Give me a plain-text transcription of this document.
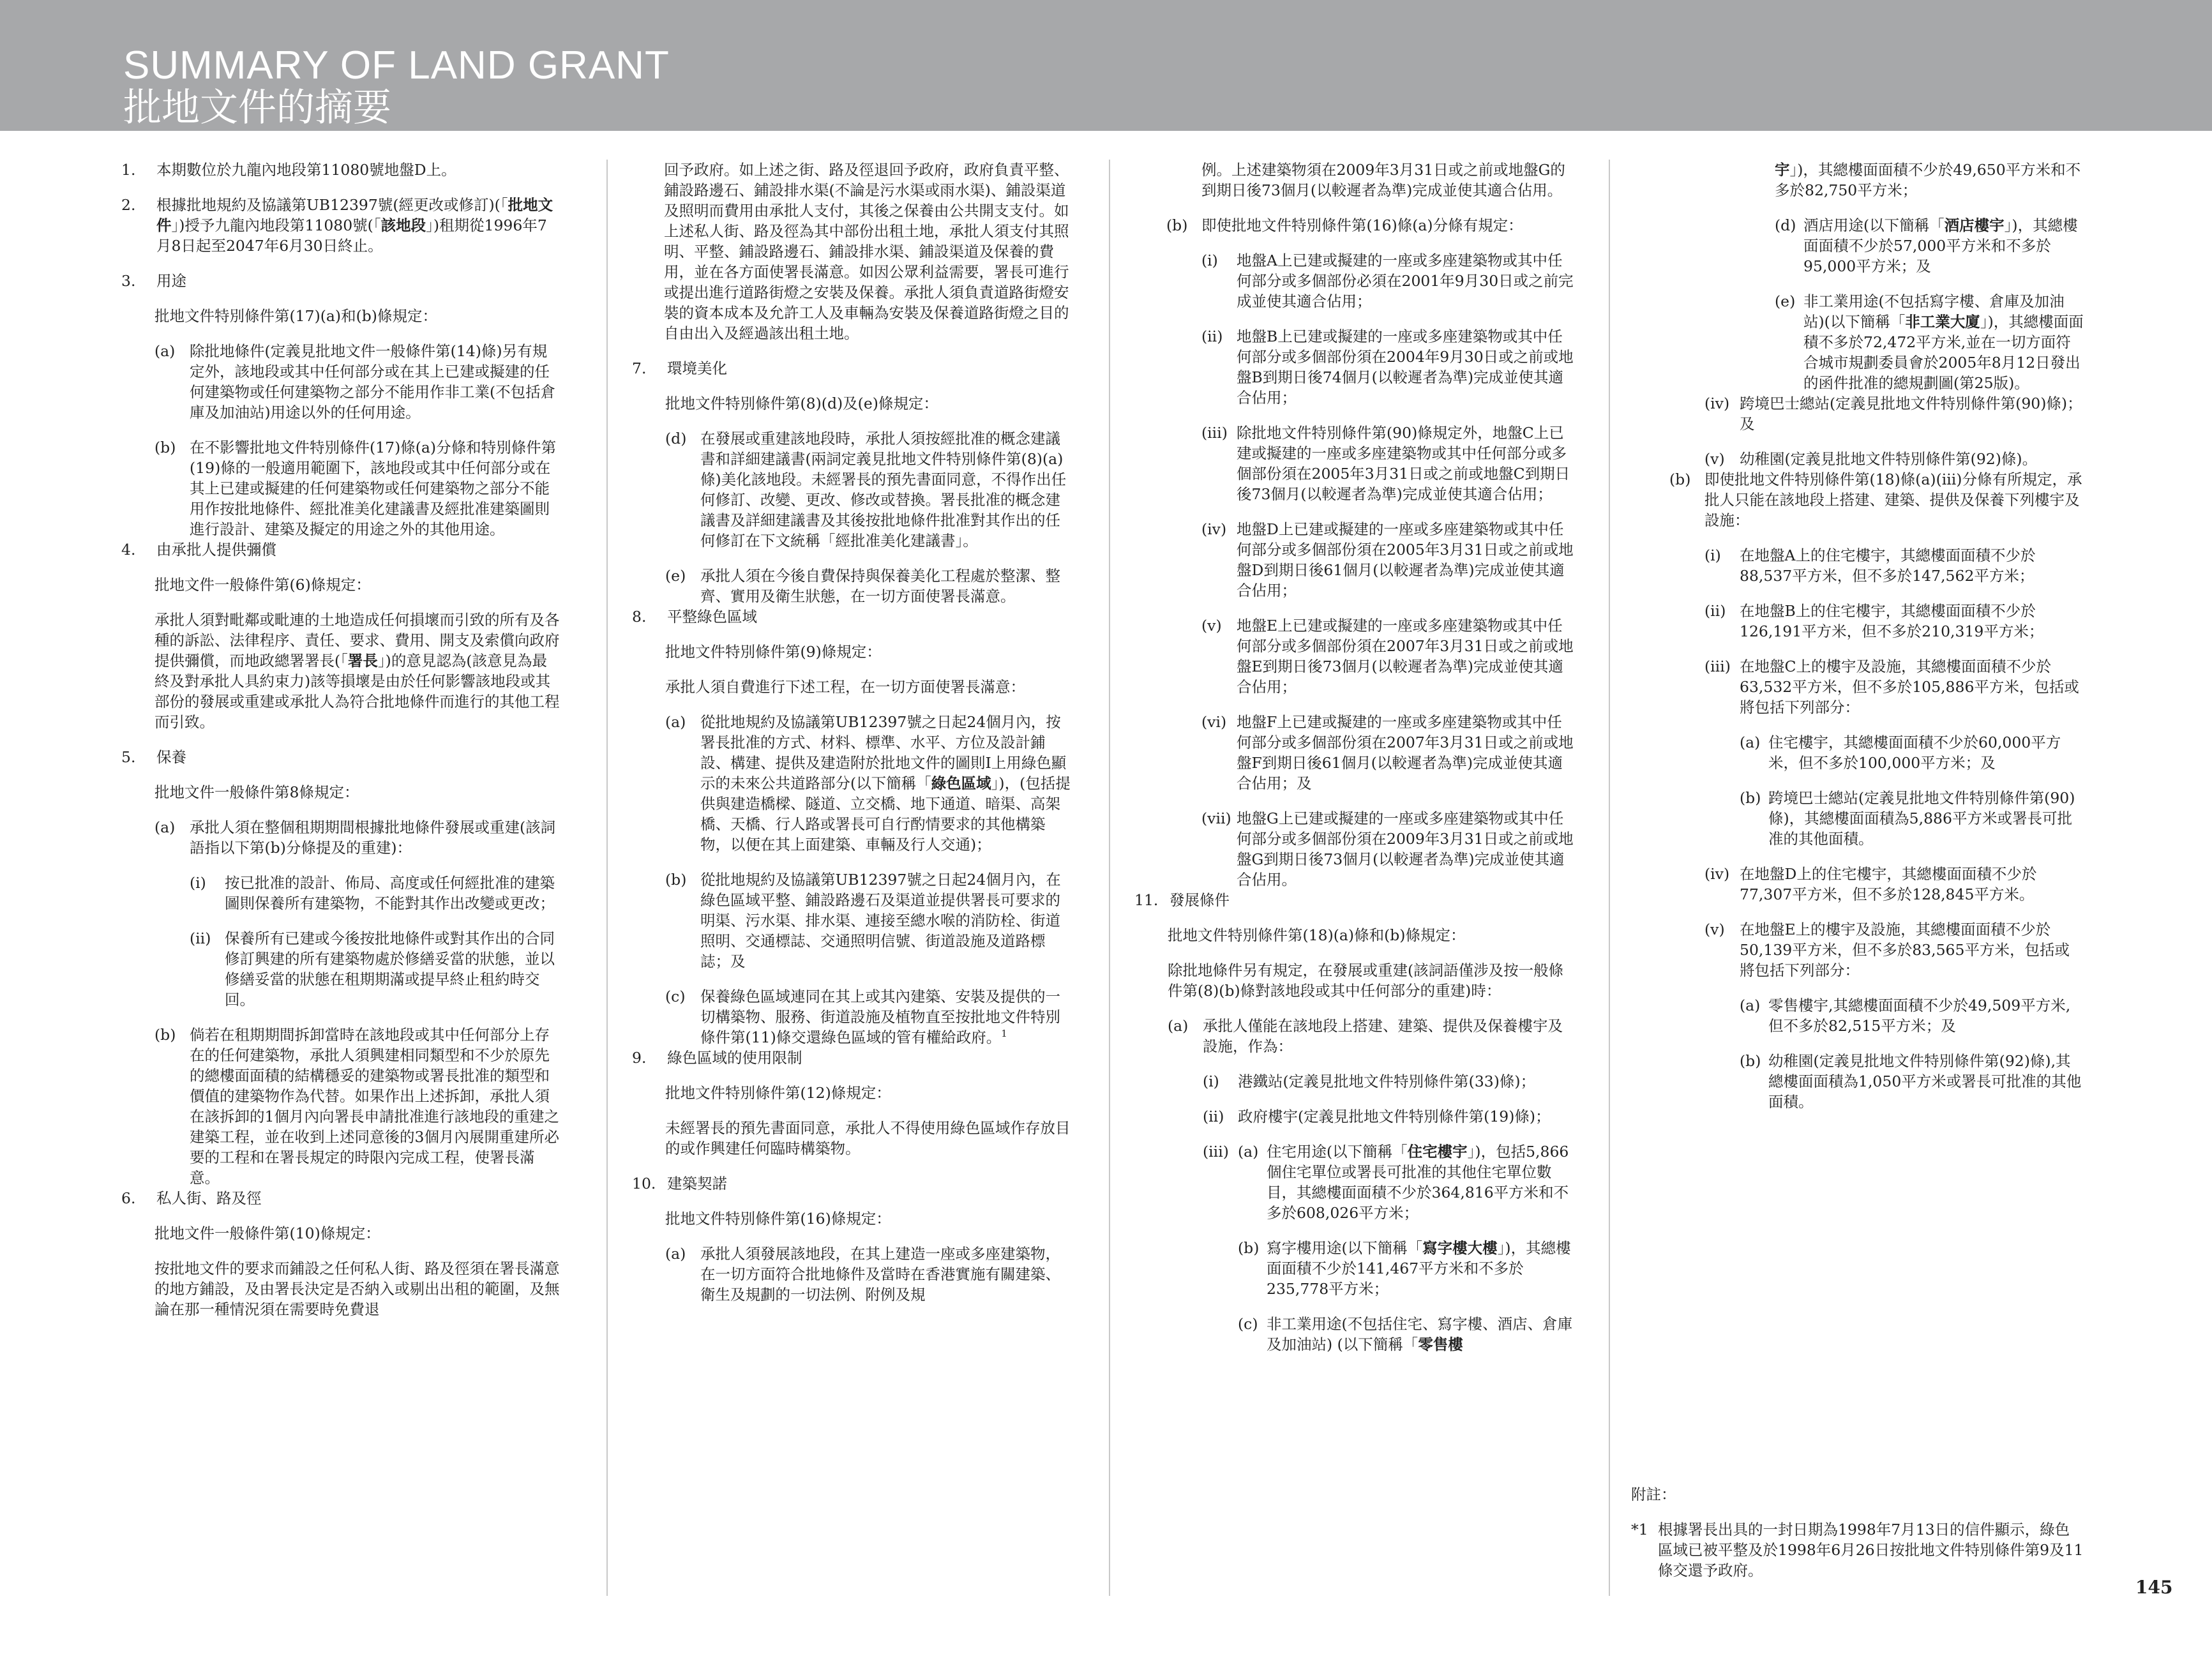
SUMMARY OF LAND GRANT
批地文件的摘要
1.	本期數位於九龍內地段第11080號地盤D上。
2.	根據批地規約及協議第UB12397號(經更改或修訂)(「批地文件」)授予九龍內地段第11080號(「該地段」)租期從1996年7月8日起至2047年6月30日終止。
3.	用途
批地文件特別條件第(17)(a)和(b)條規定：
(a) 除批地條件(定義見批地文件一般條件第(14)條)另有規定外，該地段或其中任何部分或在其上已建或擬建的任何建築物或任何建築物之部分不能用作非工業(不包括倉庫及加油站)用途以外的任何用途。
(b) 在不影響批地文件特別條件(17)條(a)分條和特別條件第(19)條的一般適用範圍下，該地段或其中任何部分或在其上已建或擬建的任何建築物或任何建築物之部分不能用作按批地條件、經批准美化建議書及經批准建築圖則進行設計、建築及擬定的用途之外的其他用途。
4.	由承批人提供彌償
批地文件一般條件第(6)條規定：
承批人須對毗鄰或毗連的土地造成任何損壞而引致的所有及各種的訴訟、法律程序、責任、要求、費用、開支及索償向政府提供彌償，而地政總署署長(「署長」)的意見認為(該意見為最終及對承批人具約束力)該等損壞是由於任何影響該地段或其部份的發展或重建或承批人為符合批地條件而進行的其他工程而引致。
5.	保養
批地文件一般條件第8條規定：
(a) 承批人須在整個租期期間根據批地條件發展或重建(該詞語指以下第(b)分條提及的重建)：
(i)	按已批准的設計、佈局、高度或任何經批准的建築圖則保養所有建築物，不能對其作出改變或更改；
(ii) 保養所有已建或今後按批地條件或對其作出的合同修訂興建的所有建築物處於修繕妥當的狀態，並以修繕妥當的狀態在租期期滿或提早終止租約時交回。
(b) 倘若在租期期間拆卸當時在該地段或其中任何部分上存在的任何建築物，承批人須興建相同類型和不少於原先的總樓面面積的結構穩妥的建築物或署長批准的類型和價值的建築物作為代替。如果作出上述拆卸，承批人須在該拆卸的1個月內向署長申請批准進行該地段的重建之建築工程，並在收到上述同意後的3個月內展開重建所必要的工程和在署長規定的時限內完成工程，使署長滿意。
6.	私人街、路及徑
批地文件一般條件第(10)條規定：
按批地文件的要求而鋪設之任何私人街、路及徑須在署長滿意的地方鋪設，及由署長決定是否納入或剔出出租的範圍，及無論在那一種情況須在需要時免費退
回予政府。如上述之街、路及徑退回予政府，政府負責平整、鋪設路邊石、鋪設排水渠(不論是污水渠或雨水渠)、鋪設渠道及照明而費用由承批人支付，其後之保養由公共開支支付。如上述私人街、路及徑為其中部份出租土地，承批人須支付其照明、平整、鋪設路邊石、鋪設排水渠、鋪設渠道及保養的費用，並在各方面使署長滿意。如因公眾利益需要，署長可進行或提出進行道路街燈之安裝及保養。承批人須負責道路街燈安裝的資本成本及允許工人及車輛為安裝及保養道路街燈之目的自由出入及經過該出租土地。
7.	環境美化
批地文件特別條件第(8)(d)及(e)條規定：
(d) 在發展或重建該地段時，承批人須按經批准的概念建議書和詳細建議書(兩詞定義見批地文件特別條件第(8)(a)條)美化該地段。未經署長的預先書面同意，不得作出任何修訂、改變、更改、修改或替換。署長批准的概念建議書及詳細建議書及其後按批地條件批准對其作出的任何修訂在下文統稱「經批准美化建議書」。
(e) 承批人須在今後自費保持與保養美化工程處於整潔、整齊、實用及衛生狀態，在一切方面使署長滿意。
8.	平整綠色區域
批地文件特別條件第(9)條規定：
承批人須自費進行下述工程，在一切方面使署長滿意：
(a) 從批地規約及協議第UB12397號之日起24個月內，按署長批准的方式、材料、標準、水平、方位及設計鋪設、構建、提供及建造附於批地文件的圖則I上用綠色顯示的未來公共道路部分(以下簡稱「綠色區域」)，(包括提供與建造橋樑、隧道、立交橋、地下通道、暗渠、高架橋、天橋、行人路或署長可自行酌情要求的其他構築物，以便在其上面建築、車輛及行人交通)；
(b) 從批地規約及協議第UB12397號之日起24個月內，在綠色區域平整、鋪設路邊石及渠道並提供署長可要求的明渠、污水渠、排水渠、連接至總水喉的消防栓、街道照明、交通標誌、交通照明信號、街道設施及道路標誌；及
(c)	保養綠色區域連同在其上或其內建築、安裝及提供的一切構築物、服務、街道設施及植物直至按批地文件特別條件第(11)條交還綠色區域的管有權給政府。$^1$
9.	綠色區域的使用限制
批地文件特別條件第(12)條規定：
未經署長的預先書面同意，承批人不得使用綠色區域作存放目的或作興建任何臨時構築物。
10. 建築契諾
批地文件特別條件第(16)條規定：
(a) 承批人須發展該地段，在其上建造一座或多座建築物，在一切方面符合批地條件及當時在香港實施有關建築、衛生及規劃的一切法例、附例及規
例。上述建築物須在2009年3月31日或之前或地盤G的到期日後73個月(以較遲者為準)完成並使其適合佔用。
(b) 即使批地文件特別條件第(16)條(a)分條有規定：
(i)	地盤A上已建或擬建的一座或多座建築物或其中任何部分或多個部份必須在2001年9月30日或之前完成並使其適合佔用；
(ii) 地盤B上已建或擬建的一座或多座建築物或其中任何部分或多個部份須在2004年9月30日或之前或地盤B到期日後74個月(以較遲者為準)完成並使其適合佔用；
(iii) 除批地文件特別條件第(90)條規定外，地盤C上已建或擬建的一座或多座建築物或其中任何部分或多個部份須在2005年3月31日或之前或地盤C到期日後73個月(以較遲者為準)完成並使其適合佔用；
(iv) 地盤D上已建或擬建的一座或多座建築物或其中任何部分或多個部份須在2005年3月31日或之前或地盤D到期日後61個月(以較遲者為準)完成並使其適合佔用；
(v) 地盤E上已建或擬建的一座或多座建築物或其中任何部分或多個部份須在2007年3月31日或之前或地盤E到期日後73個月(以較遲者為準)完成並使其適合佔用；
(vi) 地盤F上已建或擬建的一座或多座建築物或其中任何部分或多個部份須在2007年3月31日或之前或地盤F到期日後61個月(以較遲者為準)完成並使其適合佔用；及
(vii) 地盤G上已建或擬建的一座或多座建築物或其中任何部分或多個部份須在2009年3月31日或之前或地盤G到期日後73個月(以較遲者為準)完成並使其適合佔用。
11. 發展條件
批地文件特別條件第(18)(a)條和(b)條規定：
除批地條件另有規定，在發展或重建(該詞語僅涉及按一般條件第(8)(b)條對該地段或其中任何部分的重建)時：
(a) 承批人僅能在該地段上搭建、建築、提供及保養樓宇及設施，作為：
(i)	港鐵站(定義見批地文件特別條件第(33)條)；
(ii) 政府樓宇(定義見批地文件特別條件第(19)條)；
(iii) (a) 住宅用途(以下簡稱「住宅樓宇」)，包括5,866個住宅單位或署長可批准的其他住宅單位數目，其總樓面面積不少於364,816平方米和不多於608,026平方米；
(b) 寫字樓用途(以下簡稱「寫字樓大樓」)，其總樓面面積不少於141,467平方米和不多於235,778平方米；
(c) 非工業用途(不包括住宅、寫字樓、酒店、倉庫及加油站) (以下簡稱「零售樓
宇」)，其總樓面面積不少於49,650平方米和不多於82,750平方米；
(d) 酒店用途(以下簡稱「酒店樓宇」)，其總樓面面積不少於57,000平方米和不多於95,000平方米；及
(e) 非工業用途(不包括寫字樓、倉庫及加油站)(以下簡稱「非工業大廈」)，其總樓面面積不多於72,472平方米,並在一切方面符合城市規劃委員會於2005年8月12日發出的函件批准的總規劃圖(第25版)。
(iv) 跨境巴士總站(定義見批地文件特別條件第(90)條)；及
(v) 幼稚園(定義見批地文件特別條件第(92)條)。
(b) 即使批地文件特別條件第(18)條(a)(iii)分條有所規定，承批人只能在該地段上搭建、建築、提供及保養下列樓宇及設施：
(i)	在地盤A上的住宅樓宇，其總樓面面積不少於88,537平方米，但不多於147,562平方米；
(ii) 在地盤B上的住宅樓宇，其總樓面面積不少於126,191平方米，但不多於210,319平方米；
(iii) 在地盤C上的樓宇及設施，其總樓面面積不少於63,532平方米，但不多於105,886平方米，包括或將包括下列部分：
(a) 住宅樓宇，其總樓面面積不少於60,000平方米，但不多於100,000平方米；及
(b) 跨境巴士總站(定義見批地文件特別條件第(90)條)，其總樓面面積為5,886平方米或署長可批准的其他面積。
(iv) 在地盤D上的住宅樓宇，其總樓面面積不少於77,307平方米，但不多於128,845平方米。
(v) 在地盤E上的樓宇及設施，其總樓面面積不少於50,139平方米，但不多於83,565平方米，包括或將包括下列部分：
(a) 零售樓宇,其總樓面面積不少於49,509平方米,但不多於82,515平方米；及
(b) 幼稚園(定義見批地文件特別條件第(92)條),其總樓面面積為1,050平方米或署長可批准的其他面積。
附註：
*1 根據署長出具的一封日期為1998年7月13日的信件顯示，綠色區域已被平整及於1998年6月26日按批地文件特別條件第9及11條交還予政府。
145
